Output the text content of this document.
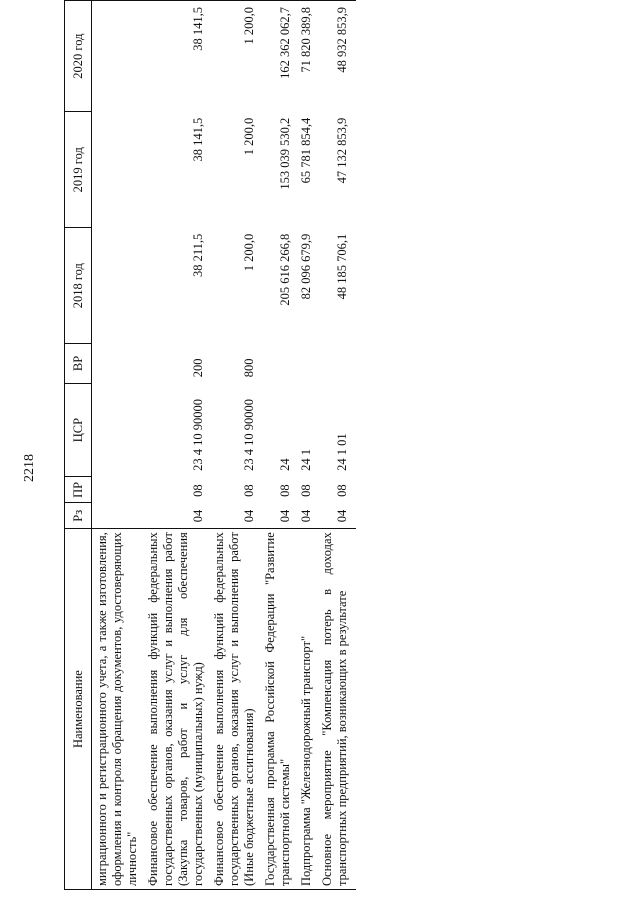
2218
Наименование	Рз	ПР	ЦСР	ВР	2018 год	2019 год	2020 год
миграционного и регистрационного учета, а также изготовления, оформления и контроля обращения документов, удостоверяющих личность"							
Финансовое обеспечение выполнения функций федеральных государственных органов, оказания услуг и выполнения работ (Закупка товаров, работ и услуг для обеспечения государственных (муниципальных) нужд)	04	08	23 4 10 90000	200	38 211,5	38 141,5	38 141,5
Финансовое обеспечение выполнения функций федеральных государственных органов, оказания услуг и выполнения работ (Иные бюджетные ассигнования)	04	08	23 4 10 90000	800	1 200,0	1 200,0	1 200,0
Государственная программа Российской Федерации "Развитие транспортной системы"	04	08	24		205 616 266,8	153 039 530,2	162 362 062,7
Подпрограмма "Железнодорожный транспорт"	04	08	24 1		82 096 679,9	65 781 854,4	71 820 389,8
Основное мероприятие "Компенсация потерь в доходах транспортных предприятий, возникающих в результате	04	08	24 1 01		48 185 706,1	47 132 853,9	48 932 853,9
